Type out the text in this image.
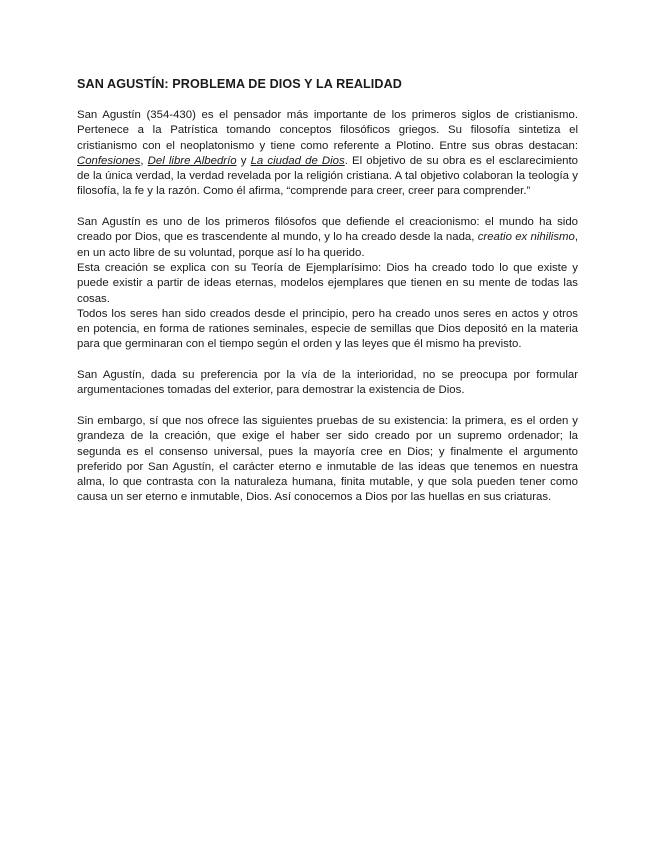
SAN AGUSTÍN: PROBLEMA DE DIOS Y LA REALIDAD

San Agustín (354-430) es el pensador más importante de los primeros siglos de cristianismo. Pertenece a la Patrística tomando conceptos filosóficos griegos. Su filosofía sintetiza el cristianismo con el neoplatonismo y tiene como referente a Plotino. Entre sus obras destacan: Confesiones, Del libre Albedrío y La ciudad de Dios. El objetivo de su obra es el esclarecimiento de la única verdad, la verdad revelada por la religión cristiana. A tal objetivo colaboran la teología y filosofía, la fe y la razón. Como él afirma, “comprende para creer, creer para comprender.”

San Agustín es uno de los primeros filósofos que defiende el creacionismo: el mundo ha sido creado por Dios, que es trascendente al mundo, y lo ha creado desde la nada, creatio ex nihilismo, en un acto libre de su voluntad, porque así lo ha querido.

Esta creación se explica con su Teoría de Ejemplarísimo: Dios ha creado todo lo que existe y puede existir a partir de ideas eternas, modelos ejemplares que tienen en su mente de todas las cosas.

Todos los seres han sido creados desde el principio, pero ha creado unos seres en actos y otros en potencia, en forma de rationes seminales, especie de semillas que Dios depositó en la materia para que germinaran con el tiempo según el orden y las leyes que él mismo ha previsto.

San Agustín, dada su preferencia por la vía de la interioridad, no se preocupa por formular argumentaciones tomadas del exterior, para demostrar la existencia de Dios.

Sin embargo, sí que nos ofrece las siguientes pruebas de su existencia: la primera, es el orden y grandeza de la creación, que exige el haber ser sido creado por un supremo ordenador; la segunda es el consenso universal, pues la mayoría cree en Dios; y finalmente el argumento preferido por San Agustín, el carácter eterno e inmutable de las ideas que tenemos en nuestra alma, lo que contrasta con la naturaleza humana, finita mutable, y que sola pueden tener como causa un ser eterno e inmutable, Dios. Así conocemos a Dios por las huellas en sus criaturas.
